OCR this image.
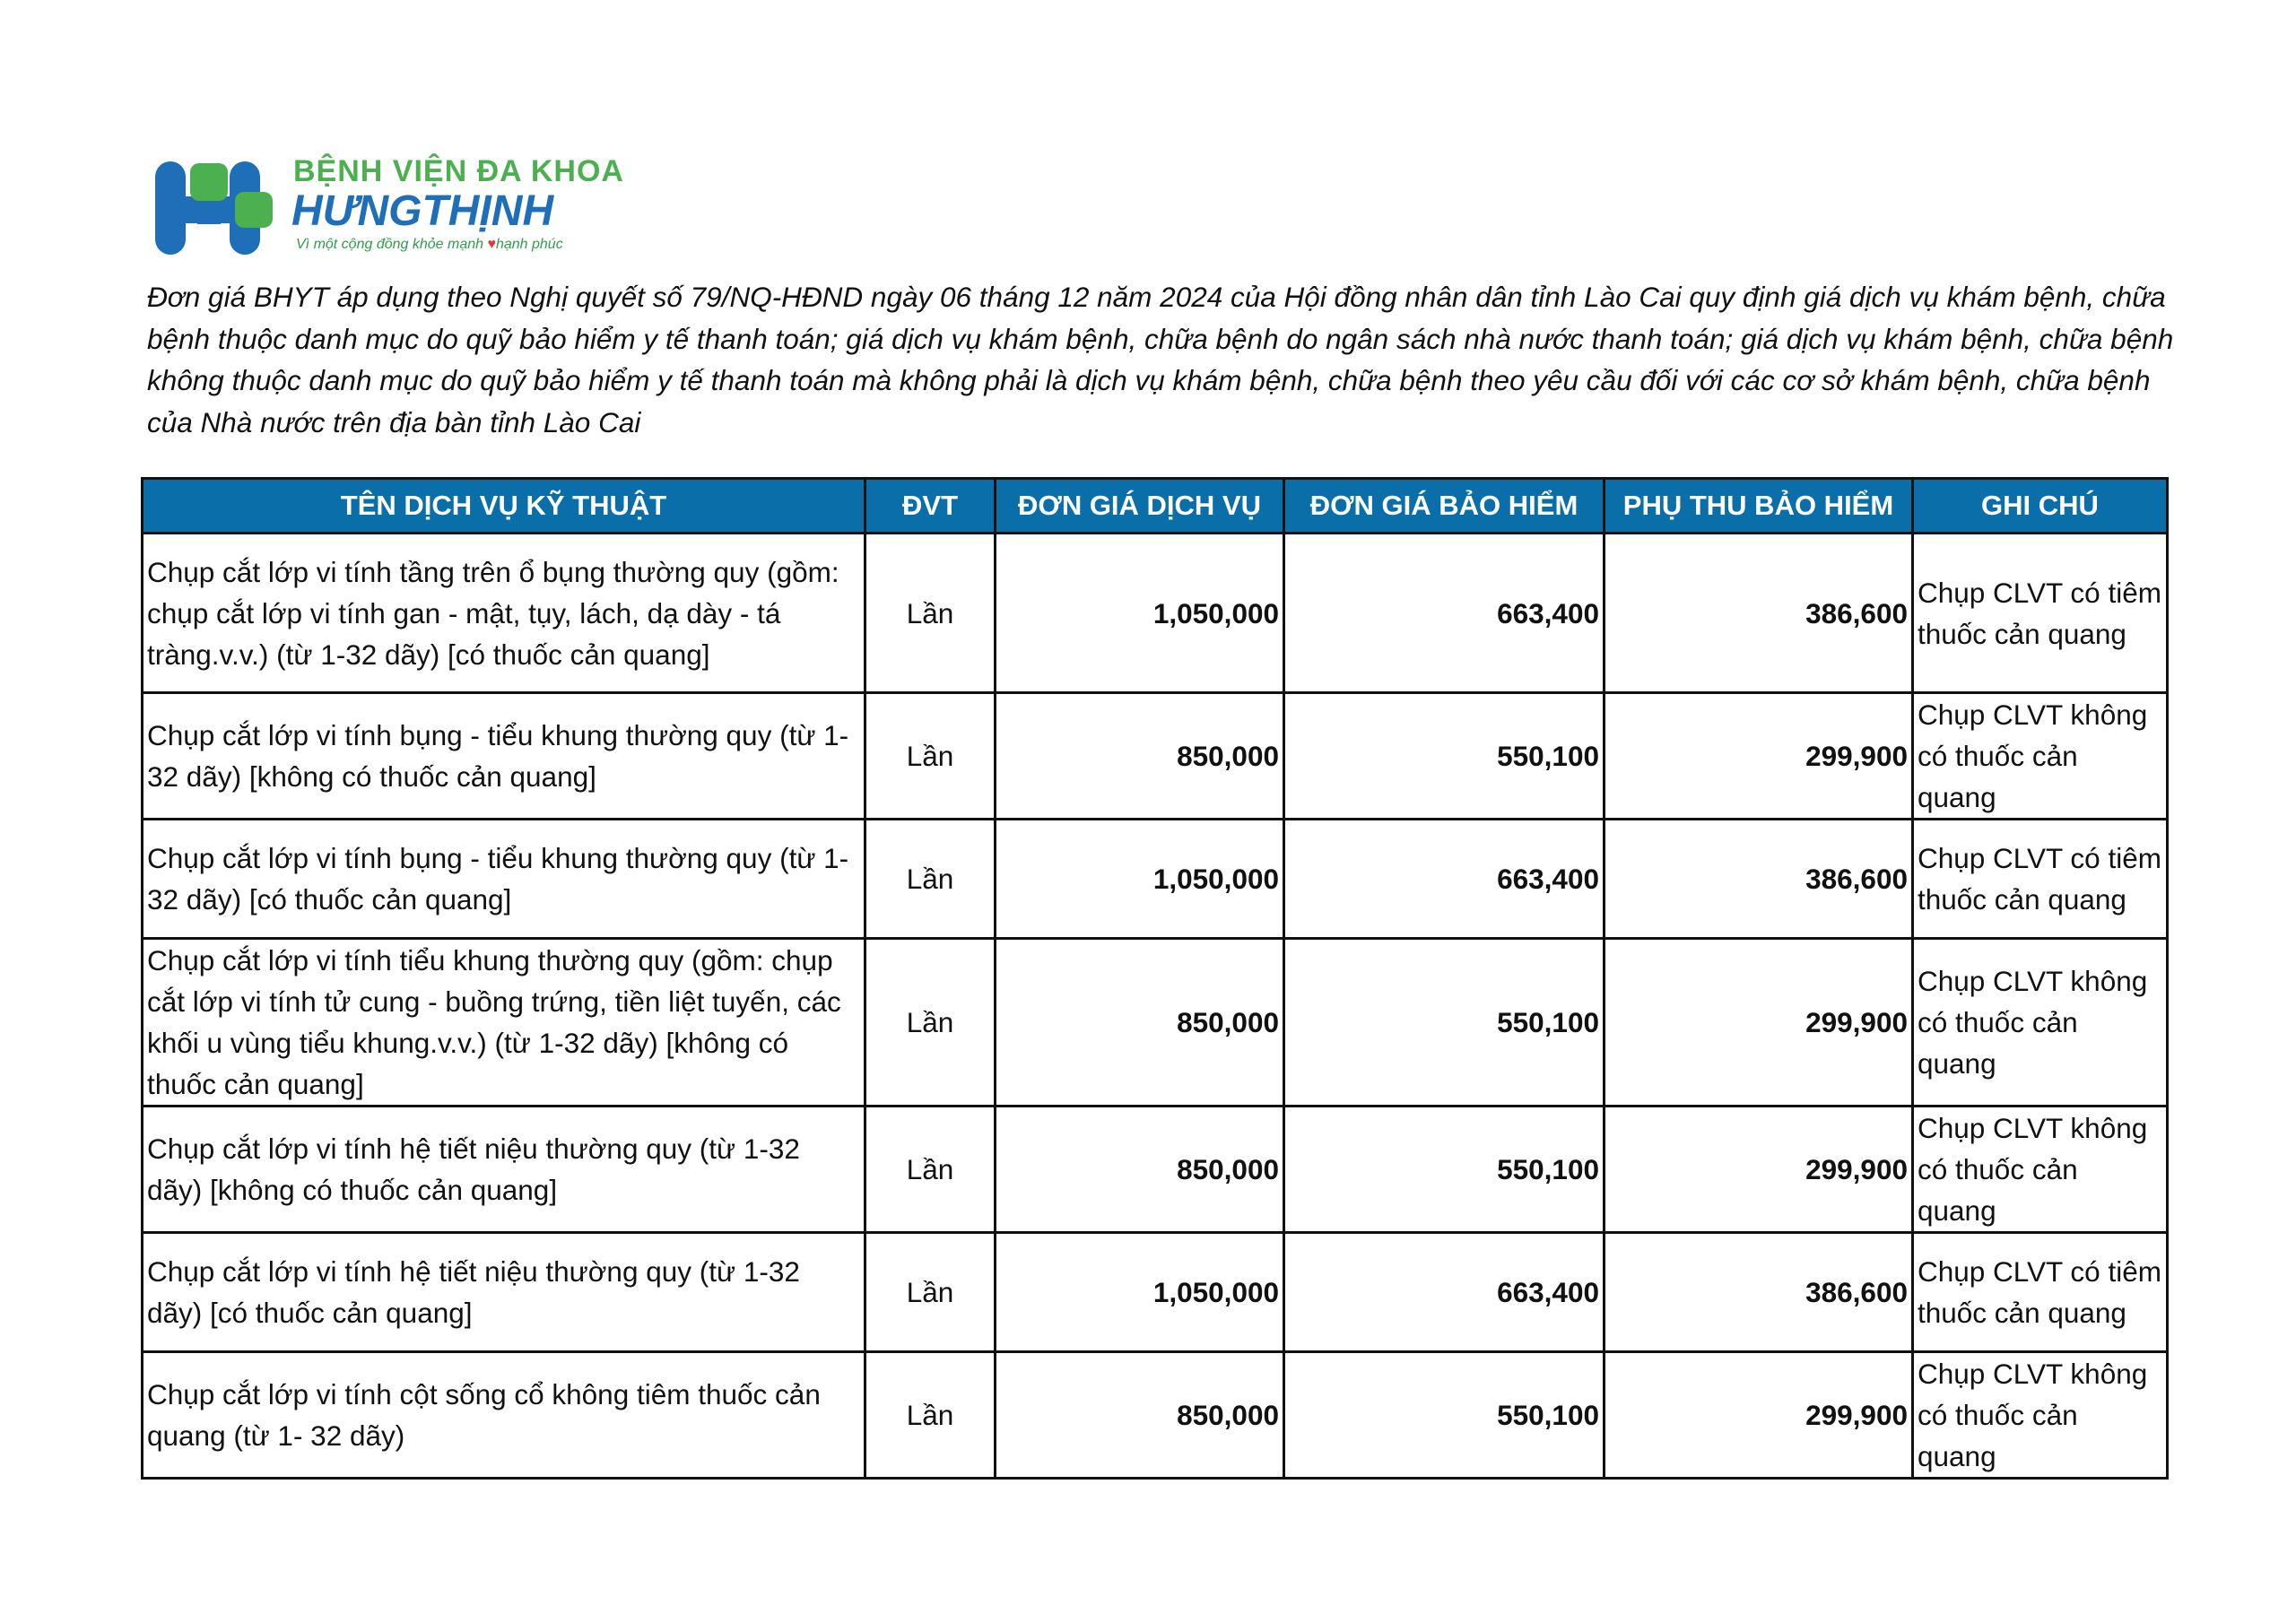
BỆNH VIỆN ĐA KHOA
HƯNGTHỊNH
Vì một cộng đồng khỏe mạnh ♥hạnh phúc
Đơn giá BHYT áp dụng theo Nghị quyết số 79/NQ-HĐND ngày 06 tháng 12 năm 2024 của Hội đồng nhân dân tỉnh Lào Cai quy định giá dịch vụ khám bệnh, chữa bệnh thuộc danh mục do quỹ bảo hiểm y tế thanh toán; giá dịch vụ khám bệnh, chữa bệnh do ngân sách nhà nước thanh toán; giá dịch vụ khám bệnh, chữa bệnh không thuộc danh mục do quỹ bảo hiểm y tế thanh toán mà không phải là dịch vụ khám bệnh, chữa bệnh theo yêu cầu đối với các cơ sở khám bệnh, chữa bệnh của Nhà nước trên địa bàn tỉnh Lào Cai
TÊN DỊCH VỤ KỸ THUẬT	ĐVT	ĐƠN GIÁ DỊCH VỤ	ĐƠN GIÁ BẢO HIỂM	PHỤ THU BẢO HIỂM	GHI CHÚ
Chụp cắt lớp vi tính tầng trên ổ bụng thường quy (gồm: chụp cắt lớp vi tính gan - mật, tụy, lách, dạ dày - tá tràng.v.v.) (từ 1-32 dãy) [có thuốc cản quang]	Lần	1,050,000	663,400	386,600	Chụp CLVT có tiêm thuốc cản quang
Chụp cắt lớp vi tính bụng - tiểu khung thường quy (từ 1-32 dãy) [không có thuốc cản quang]	Lần	850,000	550,100	299,900	Chụp CLVT không có thuốc cản quang
Chụp cắt lớp vi tính bụng - tiểu khung thường quy (từ 1-32 dãy) [có thuốc cản quang]	Lần	1,050,000	663,400	386,600	Chụp CLVT có tiêm thuốc cản quang
Chụp cắt lớp vi tính tiểu khung thường quy (gồm: chụp cắt lớp vi tính tử cung - buồng trứng, tiền liệt tuyến, các khối u vùng tiểu khung.v.v.) (từ 1-32 dãy) [không có thuốc cản quang]	Lần	850,000	550,100	299,900	Chụp CLVT không có thuốc cản quang
Chụp cắt lớp vi tính hệ tiết niệu thường quy (từ 1-32 dãy) [không có thuốc cản quang]	Lần	850,000	550,100	299,900	Chụp CLVT không có thuốc cản quang
Chụp cắt lớp vi tính hệ tiết niệu thường quy (từ 1-32 dãy) [có thuốc cản quang]	Lần	1,050,000	663,400	386,600	Chụp CLVT có tiêm thuốc cản quang
Chụp cắt lớp vi tính cột sống cổ không tiêm thuốc cản quang (từ 1- 32 dãy)	Lần	850,000	550,100	299,900	Chụp CLVT không có thuốc cản quang
